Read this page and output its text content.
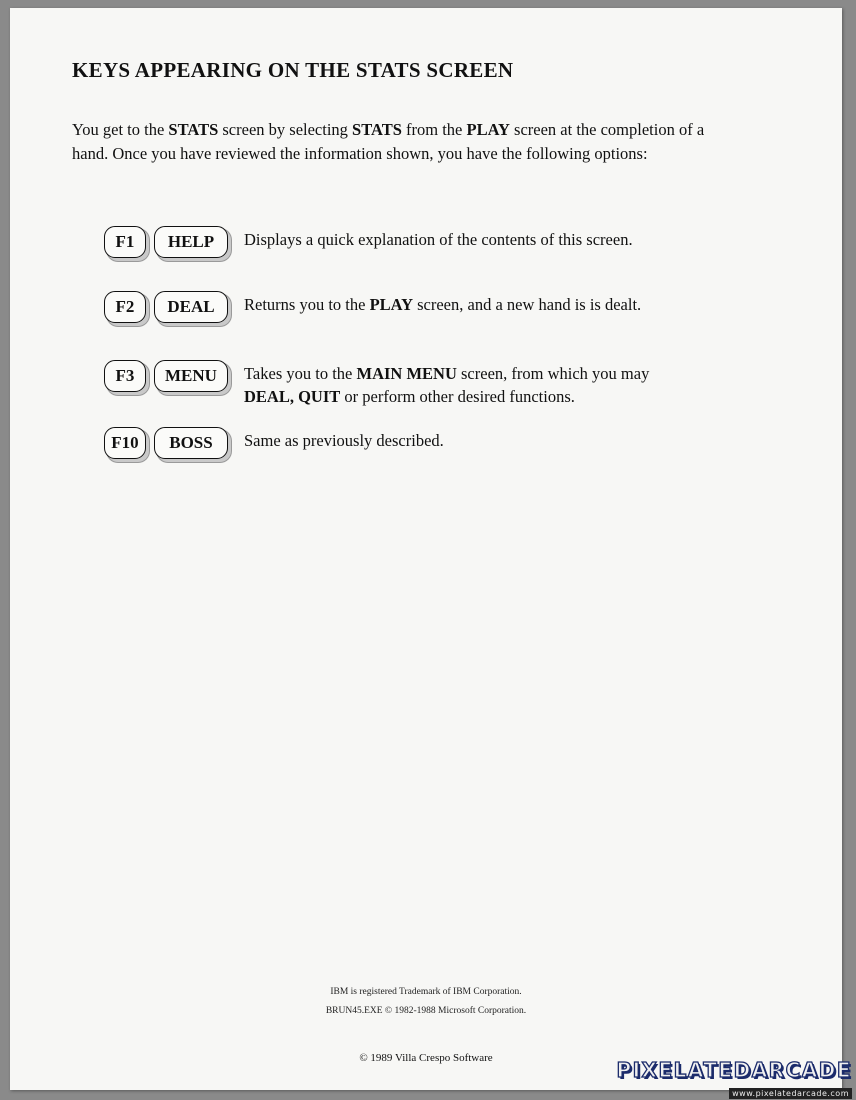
KEYS APPEARING ON THE STATS SCREEN

You get to the STATS screen by selecting STATS from the PLAY screen at the completion of a hand. Once you have reviewed the information shown, you have the following options:

F1	HELP	Displays a quick explanation of the contents of this screen.
F2	DEAL	Returns you to the PLAY screen, and a new hand is is dealt.
F3	MENU	Takes you to the MAIN MENU screen, from which you may DEAL, QUIT or perform other desired functions.
F10	BOSS	Same as previously described.
IBM is registered Trademark of IBM Corporation.
BRUN45.EXE © 1982-1988 Microsoft Corporation.
© 1989 Villa Crespo Software	PIXELATEDARCADE
www.pixelatedarcade.com
